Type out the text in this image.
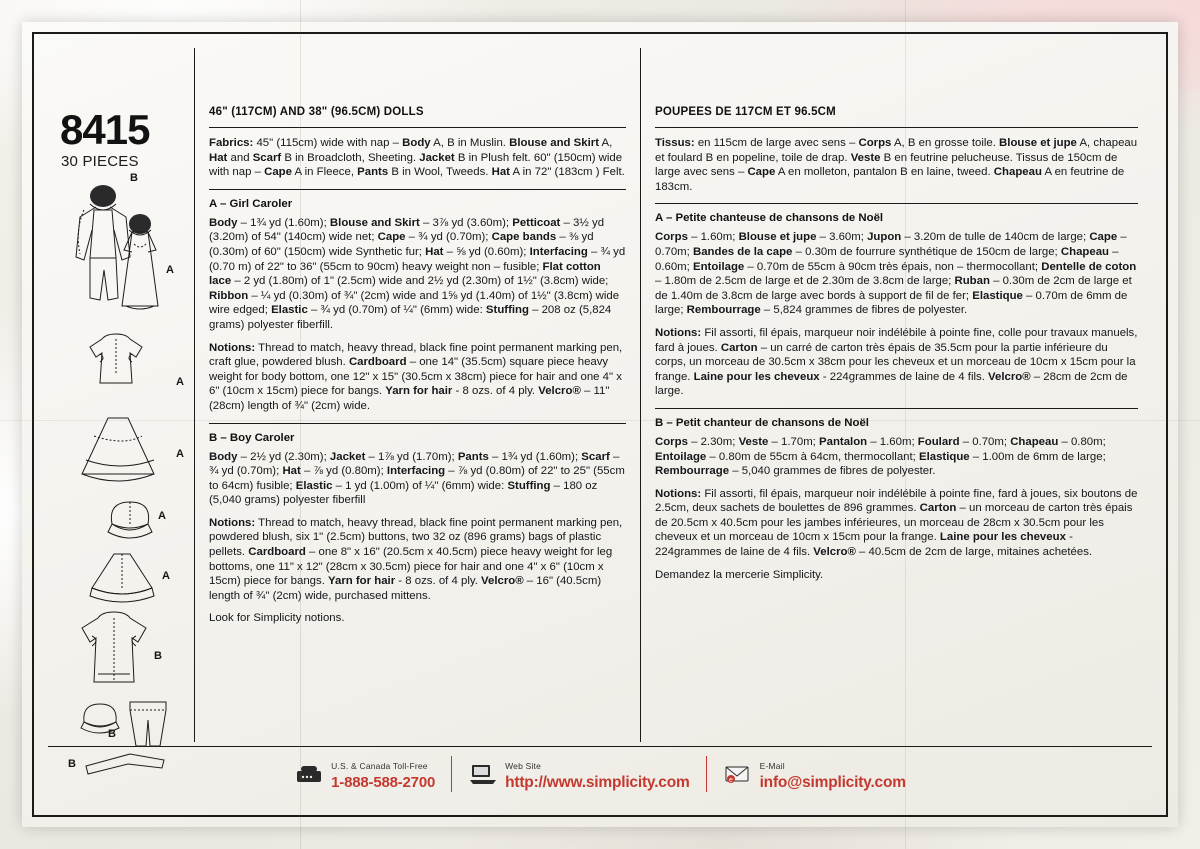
8415
30 PIECES
B
A
A
A
A
A
B
B
B
46" (117CM) AND 38" (96.5CM) DOLLS

Fabrics: 45" (115cm) wide with nap – Body A, B in Muslin. Blouse and Skirt A, Hat and Scarf B in Broadcloth, Sheeting. Jacket B in Plush felt. 60" (150cm) wide with nap – Cape A in Fleece, Pants B in Wool, Tweeds. Hat A in 72" (183cm ) Felt.

A – Girl Caroler

Body – 1¾ yd (1.60m); Blouse and Skirt – 3⅞ yd (3.60m); Petticoat – 3½ yd (3.20m) of 54" (140cm) wide net; Cape – ¾ yd (0.70m); Cape bands – ⅜ yd (0.30m) of 60" (150cm) wide Synthetic fur; Hat – ⅝ yd (0.60m); Interfacing – ¾ yd (0.70 m) of 22" to 36" (55cm to 90cm) heavy weight non – fusible; Flat cotton lace – 2 yd (1.80m) of 1" (2.5cm) wide and 2½ yd (2.30m) of 1½" (3.8cm) wide; Ribbon – ¼ yd (0.30m) of ¾" (2cm) wide and 1⅝ yd (1.40m) of 1½" (3.8cm) wide wire edged; Elastic – ¾ yd (0.70m) of ¼" (6mm) wide: Stuffing – 208 oz (5,824 grams) polyester fiberfill.

Notions: Thread to match, heavy thread, black fine point permanent marking pen, craft glue, powdered blush. Cardboard – one 14" (35.5cm) square piece heavy weight for body bottom, one 12" x 15" (30.5cm x 38cm) piece for hair and one 4" x 6" (10cm x 15cm) piece for bangs. Yarn for hair - 8 ozs. of 4 ply. Velcro® – 11" (28cm) length of ¾" (2cm) wide.

B – Boy Caroler

Body – 2½ yd (2.30m); Jacket – 1⅞ yd (1.70m); Pants – 1¾ yd (1.60m); Scarf – ¾ yd (0.70m); Hat – ⅞ yd (0.80m); Interfacing – ⅞ yd (0.80m) of 22" to 25" (55cm to 64cm) fusible; Elastic – 1 yd (1.00m) of ¼" (6mm) wide: Stuffing – 180 oz (5,040 grams) polyester fiberfill

Notions: Thread to match, heavy thread, black fine point permanent marking pen, powdered blush, six 1" (2.5cm) buttons, two 32 oz (896 grams) bags of plastic pellets. Cardboard – one 8" x 16" (20.5cm x 40.5cm) piece heavy weight for leg bottoms, one 11" x 12" (28cm x 30.5cm) piece for hair and one 4" x 6" (10cm x 15cm) piece for bangs. Yarn for hair - 8 ozs. of 4 ply. Velcro® – 16" (40.5cm) length of ¾" (2cm) wide, purchased mittens.

Look for Simplicity notions.

POUPEES DE 117CM ET 96.5CM

Tissus: en 115cm de large avec sens – Corps A, B en grosse toile. Blouse et jupe A, chapeau et foulard B en popeline, toile de drap. Veste B en feutrine pelucheuse. Tissus de 150cm de large avec sens – Cape A en molleton, pantalon B en laine, tweed. Chapeau A en feutrine de 183cm.

A – Petite chanteuse de chansons de Noël

Corps – 1.60m; Blouse et jupe – 3.60m; Jupon – 3.20m de tulle de 140cm de large; Cape – 0.70m; Bandes de la cape – 0.30m de fourrure synthétique de 150cm de large; Chapeau – 0.60m; Entoilage – 0.70m de 55cm à 90cm très épais, non – thermocollant; Dentelle de coton – 1.80m de 2.5cm de large et de 2.30m de 3.8cm de large; Ruban – 0.30m de 2cm de large et de 1.40m de 3.8cm de large avec bords à support de fil de fer; Elastique – 0.70m de 6mm de large; Rembourrage – 5,824 grammes de fibres de polyester.

Notions: Fil assorti, fil épais, marqueur noir indélébile à pointe fine, colle pour travaux manuels, fard à joues. Carton – un carré de carton très épais de 35.5cm pour la partie inférieure du corps, un morceau de 30.5cm x 38cm pour les cheveux et un morceau de 10cm x 15cm pour la frange. Laine pour les cheveux - 224grammes de laine de 4 fils. Velcro® – 28cm de 2cm de large.

B – Petit chanteur de chansons de Noël

Corps – 2.30m; Veste – 1.70m; Pantalon – 1.60m; Foulard – 0.70m; Chapeau – 0.80m; Entoilage – 0.80m de 55cm à 64cm, thermocollant; Elastique – 1.00m de 6mm de large; Rembourrage – 5,040 grammes de fibres de polyester.

Notions: Fil assorti, fil épais, marqueur noir indélébile à pointe fine, fard à joues, six boutons de 2.5cm, deux sachets de boulettes de 896 grammes. Carton – un morceau de carton très épais de 20.5cm x 40.5cm pour les jambes inférieures, un morceau de 28cm x 30.5cm pour les cheveux et un morceau de 10cm x 15cm pour la frange. Laine pour les cheveux - 224grammes de laine de 4 fils. Velcro® – 40.5cm de 2cm de large, mitaines achetées.

Demandez la mercerie Simplicity.

U.S. & Canada Toll-Free
1-888-588-2700
Web Site
http://www.simplicity.com	e
E-Mail
info@simplicity.com
